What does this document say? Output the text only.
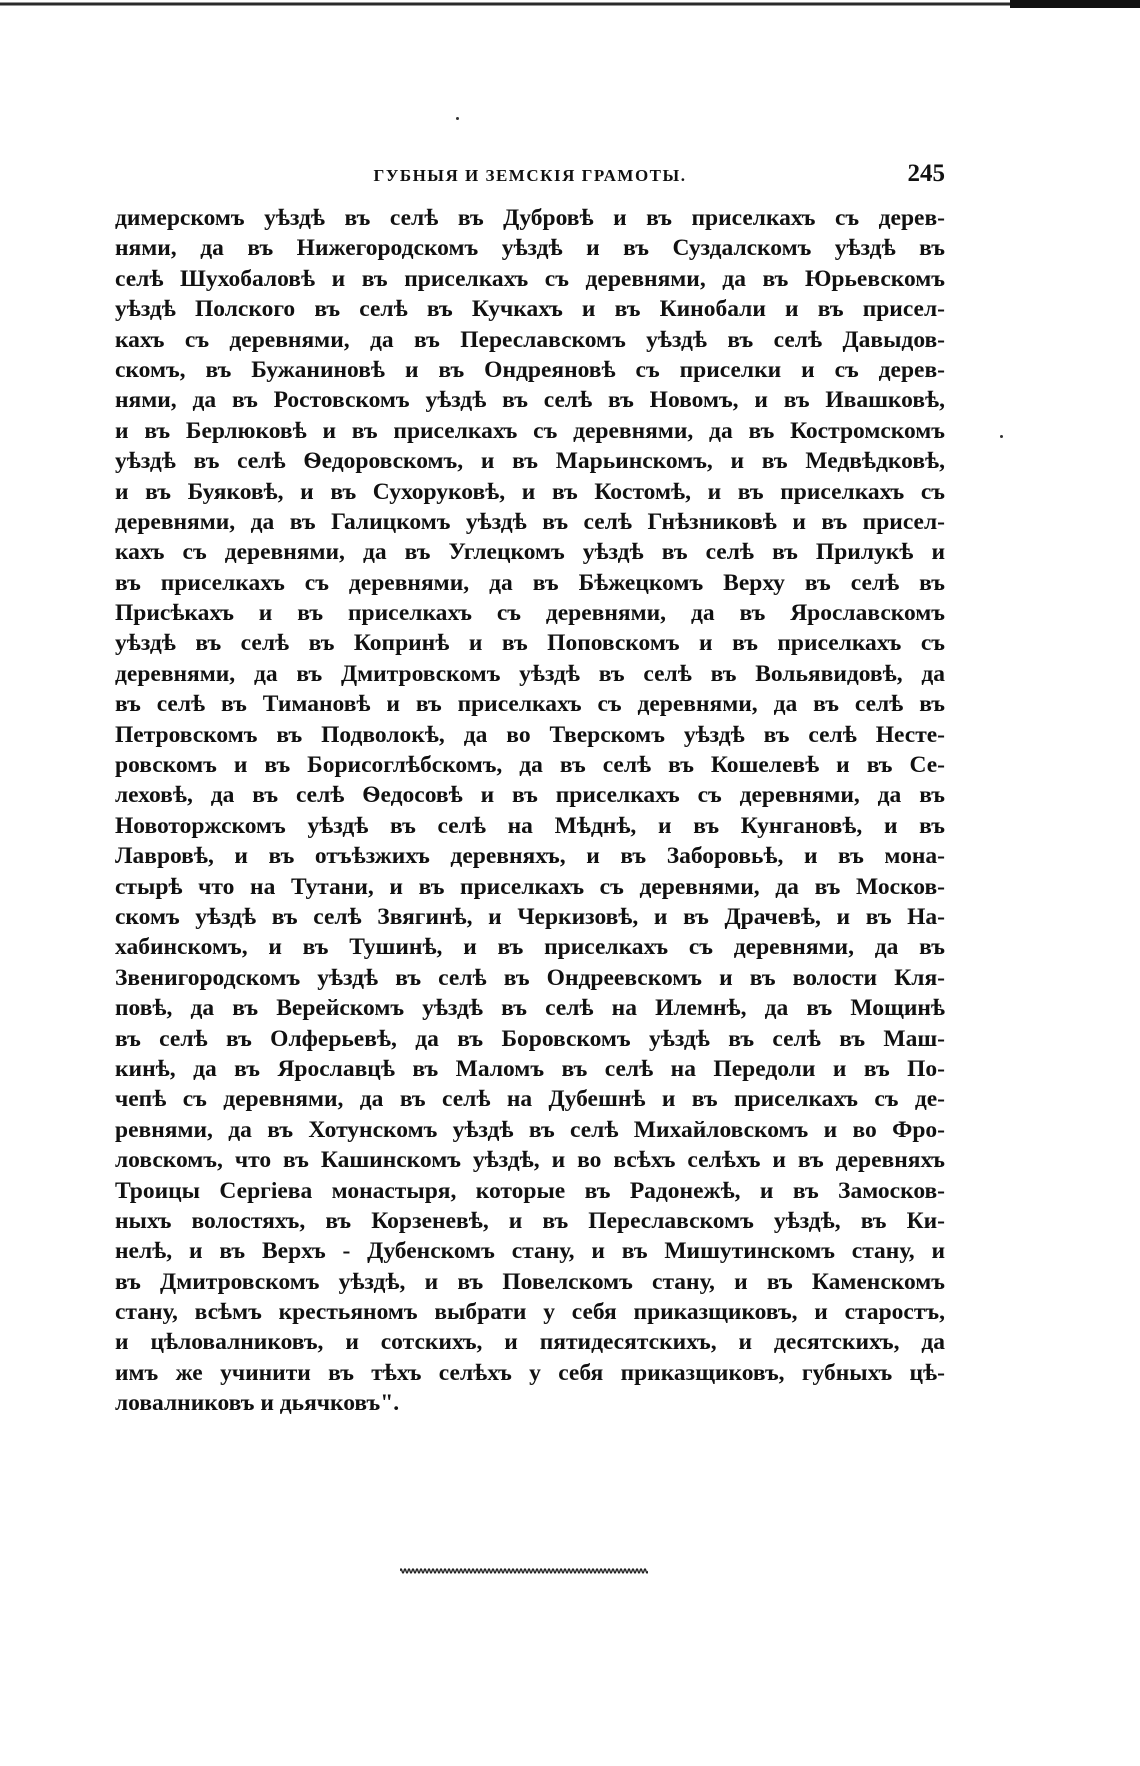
ГУБНЫЯ И ЗЕМСКІЯ ГРАМОТЫ.	245
димерскомъ уѣздѣ въ селѣ въ Дубровѣ и въ приселкахъ съ дерев-
нями, да въ Нижегородскомъ уѣздѣ и въ Суздалскомъ уѣздѣ въ
селѣ Шухобаловѣ и въ приселкахъ съ деревнями, да въ Юрьевскомъ
уѣздѣ Полского въ селѣ въ Кучкахъ и въ Кинобали и въ присел-
кахъ съ деревнями, да въ Переславскомъ уѣздѣ въ селѣ Давыдов-
скомъ, въ Бужаниновѣ и въ Ондреяновѣ съ приселки и съ дерев-
нями, да въ Ростовскомъ уѣздѣ въ селѣ въ Новомъ, и въ Ивашковѣ,
и въ Берлюковѣ и въ приселкахъ съ деревнями, да въ Костромскомъ
уѣздѣ въ селѣ Ѳедоровскомъ, и въ Марьинскомъ, и въ Медвѣдковѣ,
и въ Буяковѣ, и въ Сухоруковѣ, и въ Костомѣ, и въ приселкахъ съ
деревнями, да въ Галицкомъ уѣздѣ въ селѣ Гнѣзниковѣ и въ присел-
кахъ съ деревнями, да въ Углецкомъ уѣздѣ въ селѣ въ Прилукѣ и
въ приселкахъ съ деревнями, да въ Бѣжецкомъ Верху въ селѣ въ
Присѣкахъ и въ приселкахъ съ деревнями, да въ Ярославскомъ
уѣздѣ въ селѣ въ Копринѣ и въ Поповскомъ и въ приселкахъ съ
деревнями, да въ Дмитровскомъ уѣздѣ въ селѣ въ Вольявидовѣ, да
въ селѣ въ Тимановѣ и въ приселкахъ съ деревнями, да въ селѣ въ
Петровскомъ въ Подволокѣ, да во Тверскомъ уѣздѣ въ селѣ Нестe-
ровскомъ и въ Борисоглѣбскомъ, да въ селѣ въ Кошелевѣ и въ Се-
леховѣ, да въ селѣ Ѳедосовѣ и въ приселкахъ съ деревнями, да въ
Новоторжскомъ уѣздѣ въ селѣ на Мѣднѣ, и въ Кунгановѣ, и въ
Лавровѣ, и въ отъѣзжихъ деревняхъ, и въ Заборовьѣ, и въ мона-
стырѣ что на Тутани, и въ приселкахъ съ деревнями, да въ Москов-
скомъ уѣздѣ въ селѣ Звягинѣ, и Черкизовѣ, и въ Драчевѣ, и въ На-
хабинскомъ, и въ Тушинѣ, и въ приселкахъ съ деревнями, да въ
Звенигородскомъ уѣздѣ въ селѣ въ Ондреевскомъ и въ волости Кля-
повѣ, да въ Верейскомъ уѣздѣ въ селѣ на Илемнѣ, да въ Мощинѣ
въ селѣ въ Олферьевѣ, да въ Боровскомъ уѣздѣ въ селѣ въ Маш-
кинѣ, да въ Ярославцѣ въ Маломъ въ селѣ на Передоли и въ По-
чепѣ съ деревнями, да въ селѣ на Дубешнѣ и въ приселкахъ съ де-
ревнями, да въ Хотунскомъ уѣздѣ въ селѣ Михайловскомъ и во Фро-
ловскомъ, что въ Кашинскомъ уѣздѣ, и во всѣхъ селѣхъ и въ деревняхъ
Троицы Сергіева монастыря, которые въ Радонежѣ, и въ Замосков-
ныхъ волостяхъ, въ Корзеневѣ, и въ Переславскомъ уѣздѣ, въ Ки-
нелѣ, и въ Верхъ - Дубенскомъ стану, и въ Мишутинскомъ стану, и
въ Дмитровскомъ уѣздѣ, и въ Повелскомъ стану, и въ Каменскомъ
стану, всѣмъ крестьяномъ выбрати у себя приказщиковъ, и старостъ,
и цѣловалниковъ, и сотскихъ, и пятидесятскихъ, и десятскихъ, да
имъ же учинити въ тѣхъ селѣхъ у себя приказщиковъ, губныхъ цѣ-
ловалниковъ и дьячковъ".
